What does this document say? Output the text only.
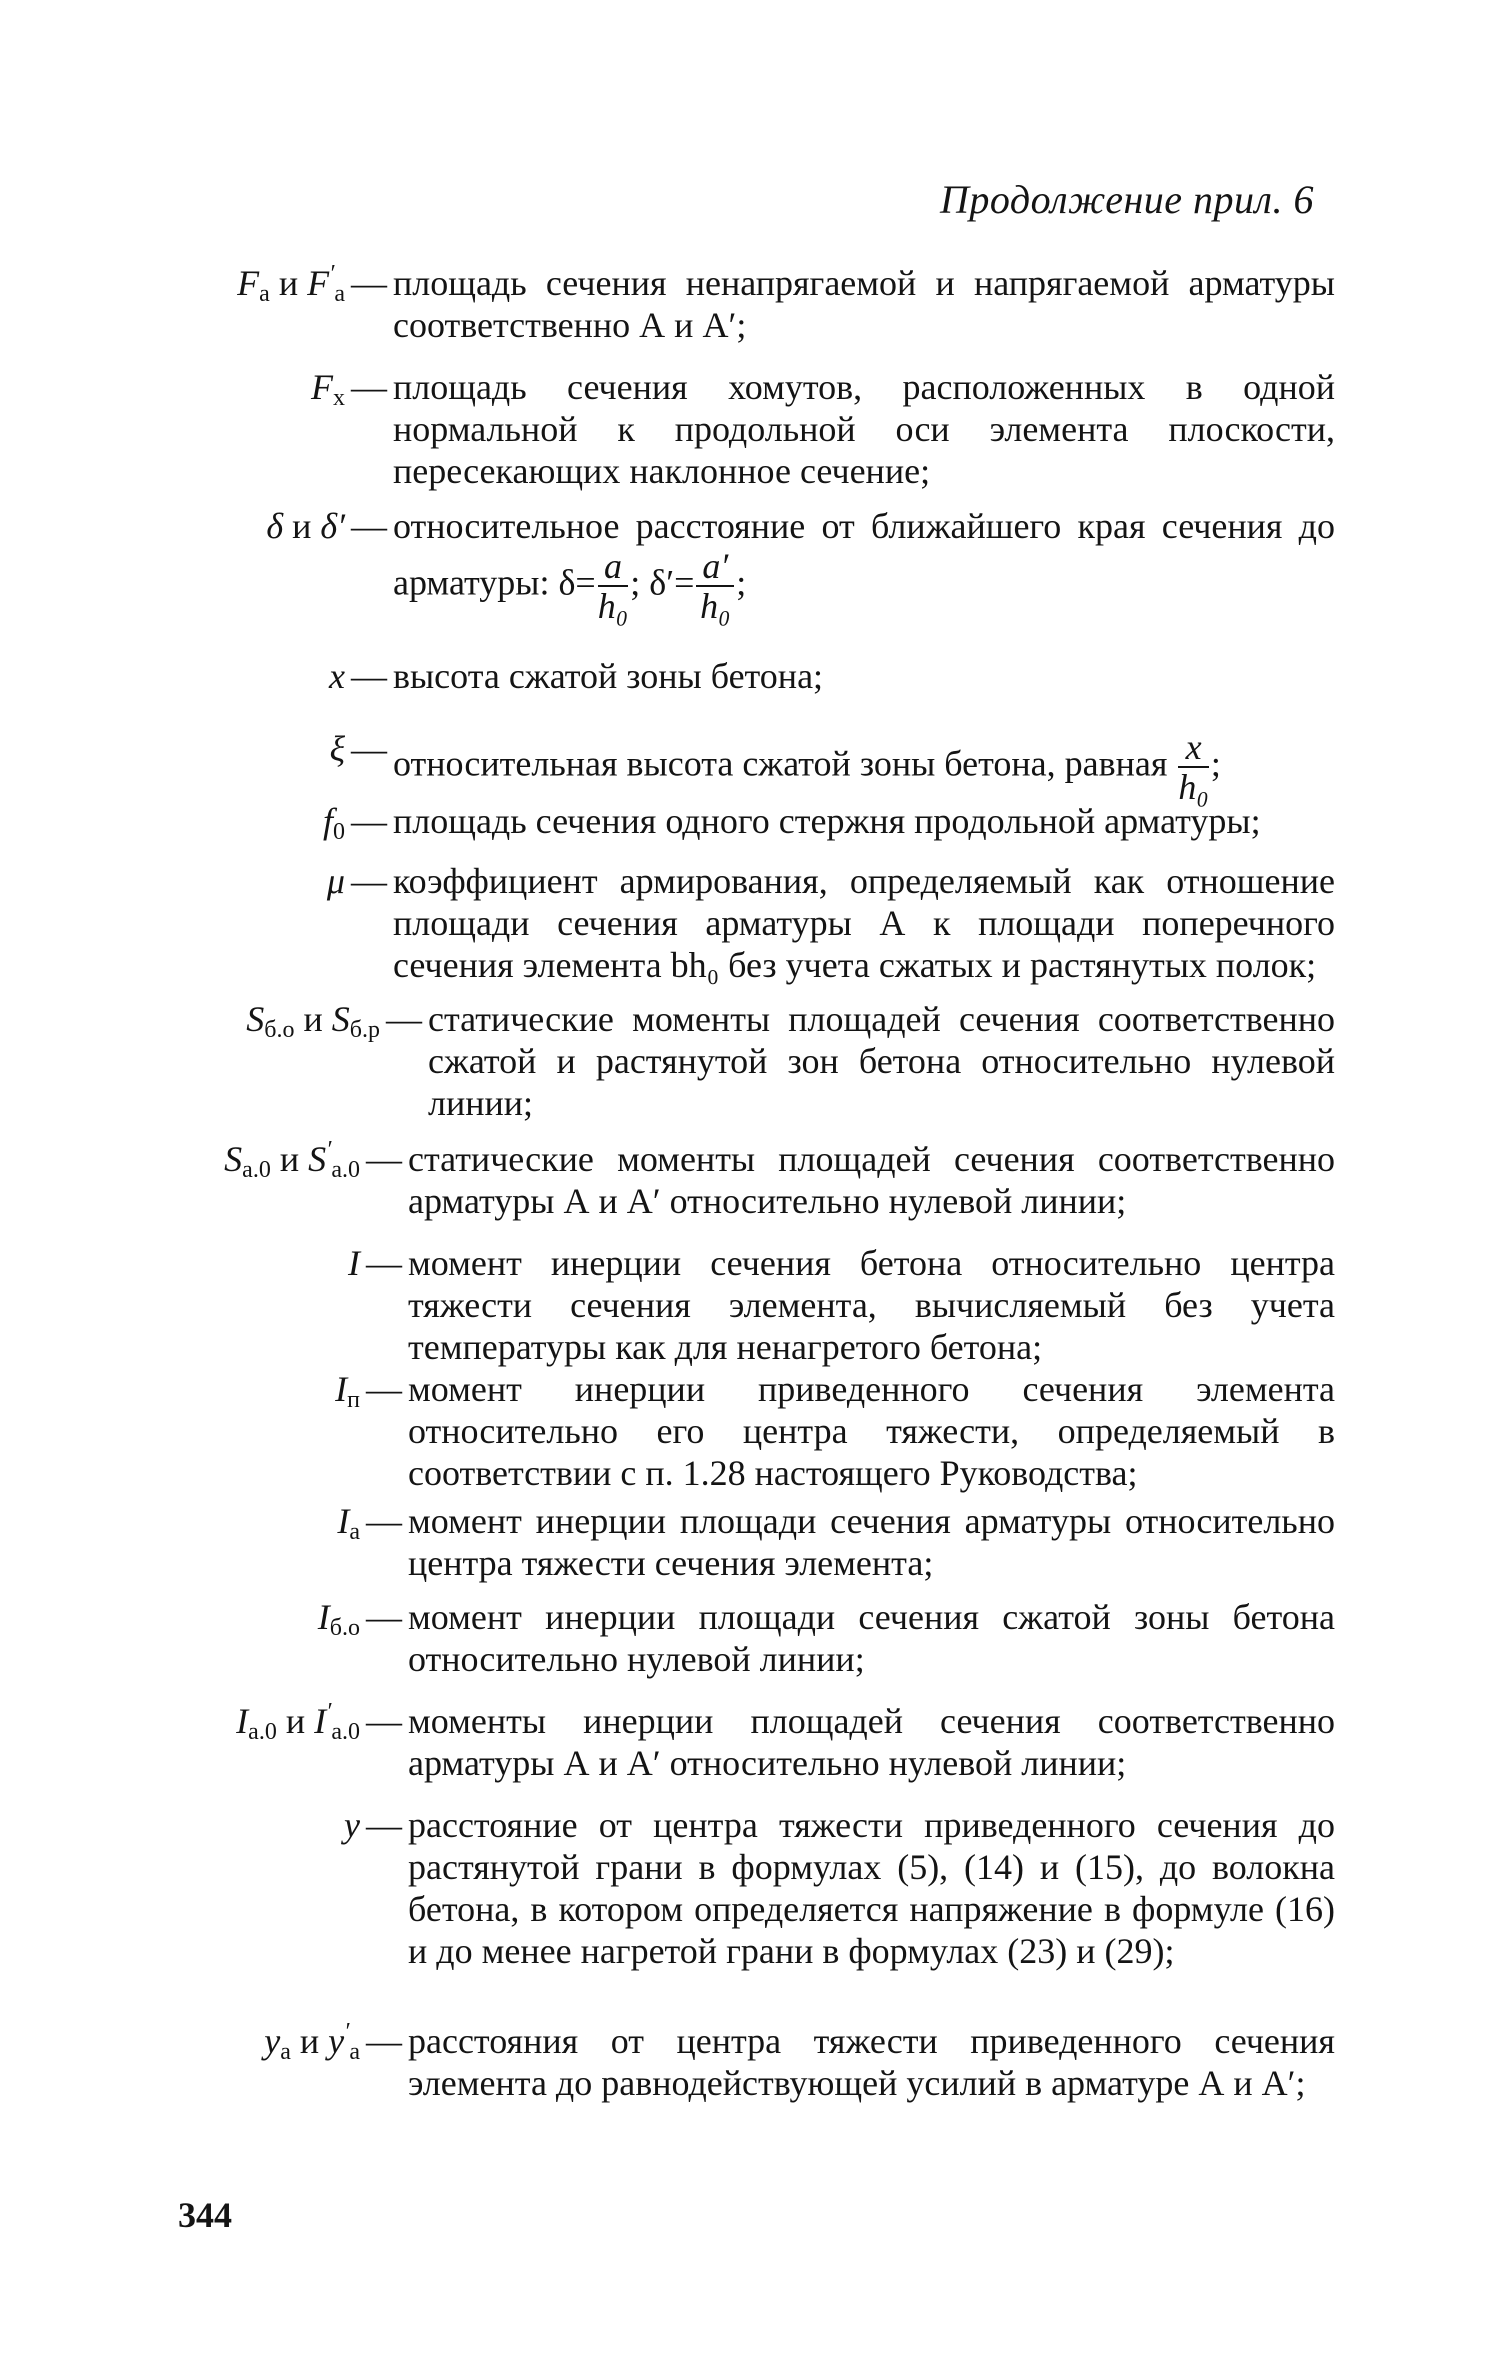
Продолжение прил. 6
$F_а$ и $F'_а$ — площадь сечения ненапрягаемой и напрягаемой арматуры соответственно А и А′;
$F_х$ — площадь сечения хомутов, расположенных в одной нормальной к продольной оси элемента плоскости, пересекающих наклонное сечение;
δ и δ′ — относительное расстояние от ближайшего края сечения до арматуры: $\delta= \frac{a}{\text{h₀}}$ ; $\delta'= \frac{a'}{\text{h₀}}$ ;
x — высота сжатой зоны бетона;
ξ — относительная высота сжатой зоны бетона, равная $\frac{x}{\text{h₀}}$ ;
$f_0$ — площадь сечения одного стержня продольной арматуры;
μ — коэффициент армирования, определяемый как отношение площади сечения арматуры А к площади поперечного сечения элемента bh₀ без учета сжатых и растянутых полок;
$S_{б.о}$ и $S_{б.р}$ — статические моменты площадей сечения соответственно сжатой и растянутой зон бетона относительно нулевой линии;
$S_{а.0}$ и $S'_{а.0}$ — статические моменты площадей сечения соответственно арматуры А и А′ относительно нулевой линии;
I — момент инерции сечения бетона относительно центра тяжести сечения элемента, вычисляемый без учета температуры как для ненагретого бетона;
$I_п$ — момент инерции приведенного сечения элемента относительно его центра тяжести, определяемый в соответствии с п. 1.28 настоящего Руководства;
$I_а$ — момент инерции площади сечения арматуры относительно центра тяжести сечения элемента;
$I_{б.о}$ — момент инерции площади сечения сжатой зоны бетона относительно нулевой линии;
$I_{а.0}$ и $I'_{а.0}$ — моменты инерции площадей сечения соответственно арматуры А и А′ относительно нулевой линии;
y — расстояние от центра тяжести приведенного сечения до растянутой грани в формулах (5), (14) и (15), до волокна бетона, в котором определяется напряжение в формуле (16) и до менее нагретой грани в формулах (23) и (29);
$y_а$ и $y'_а$ — расстояния от центра тяжести приведенного сечения элемента до равнодействующей усилий в арматуре А и А′;
344
